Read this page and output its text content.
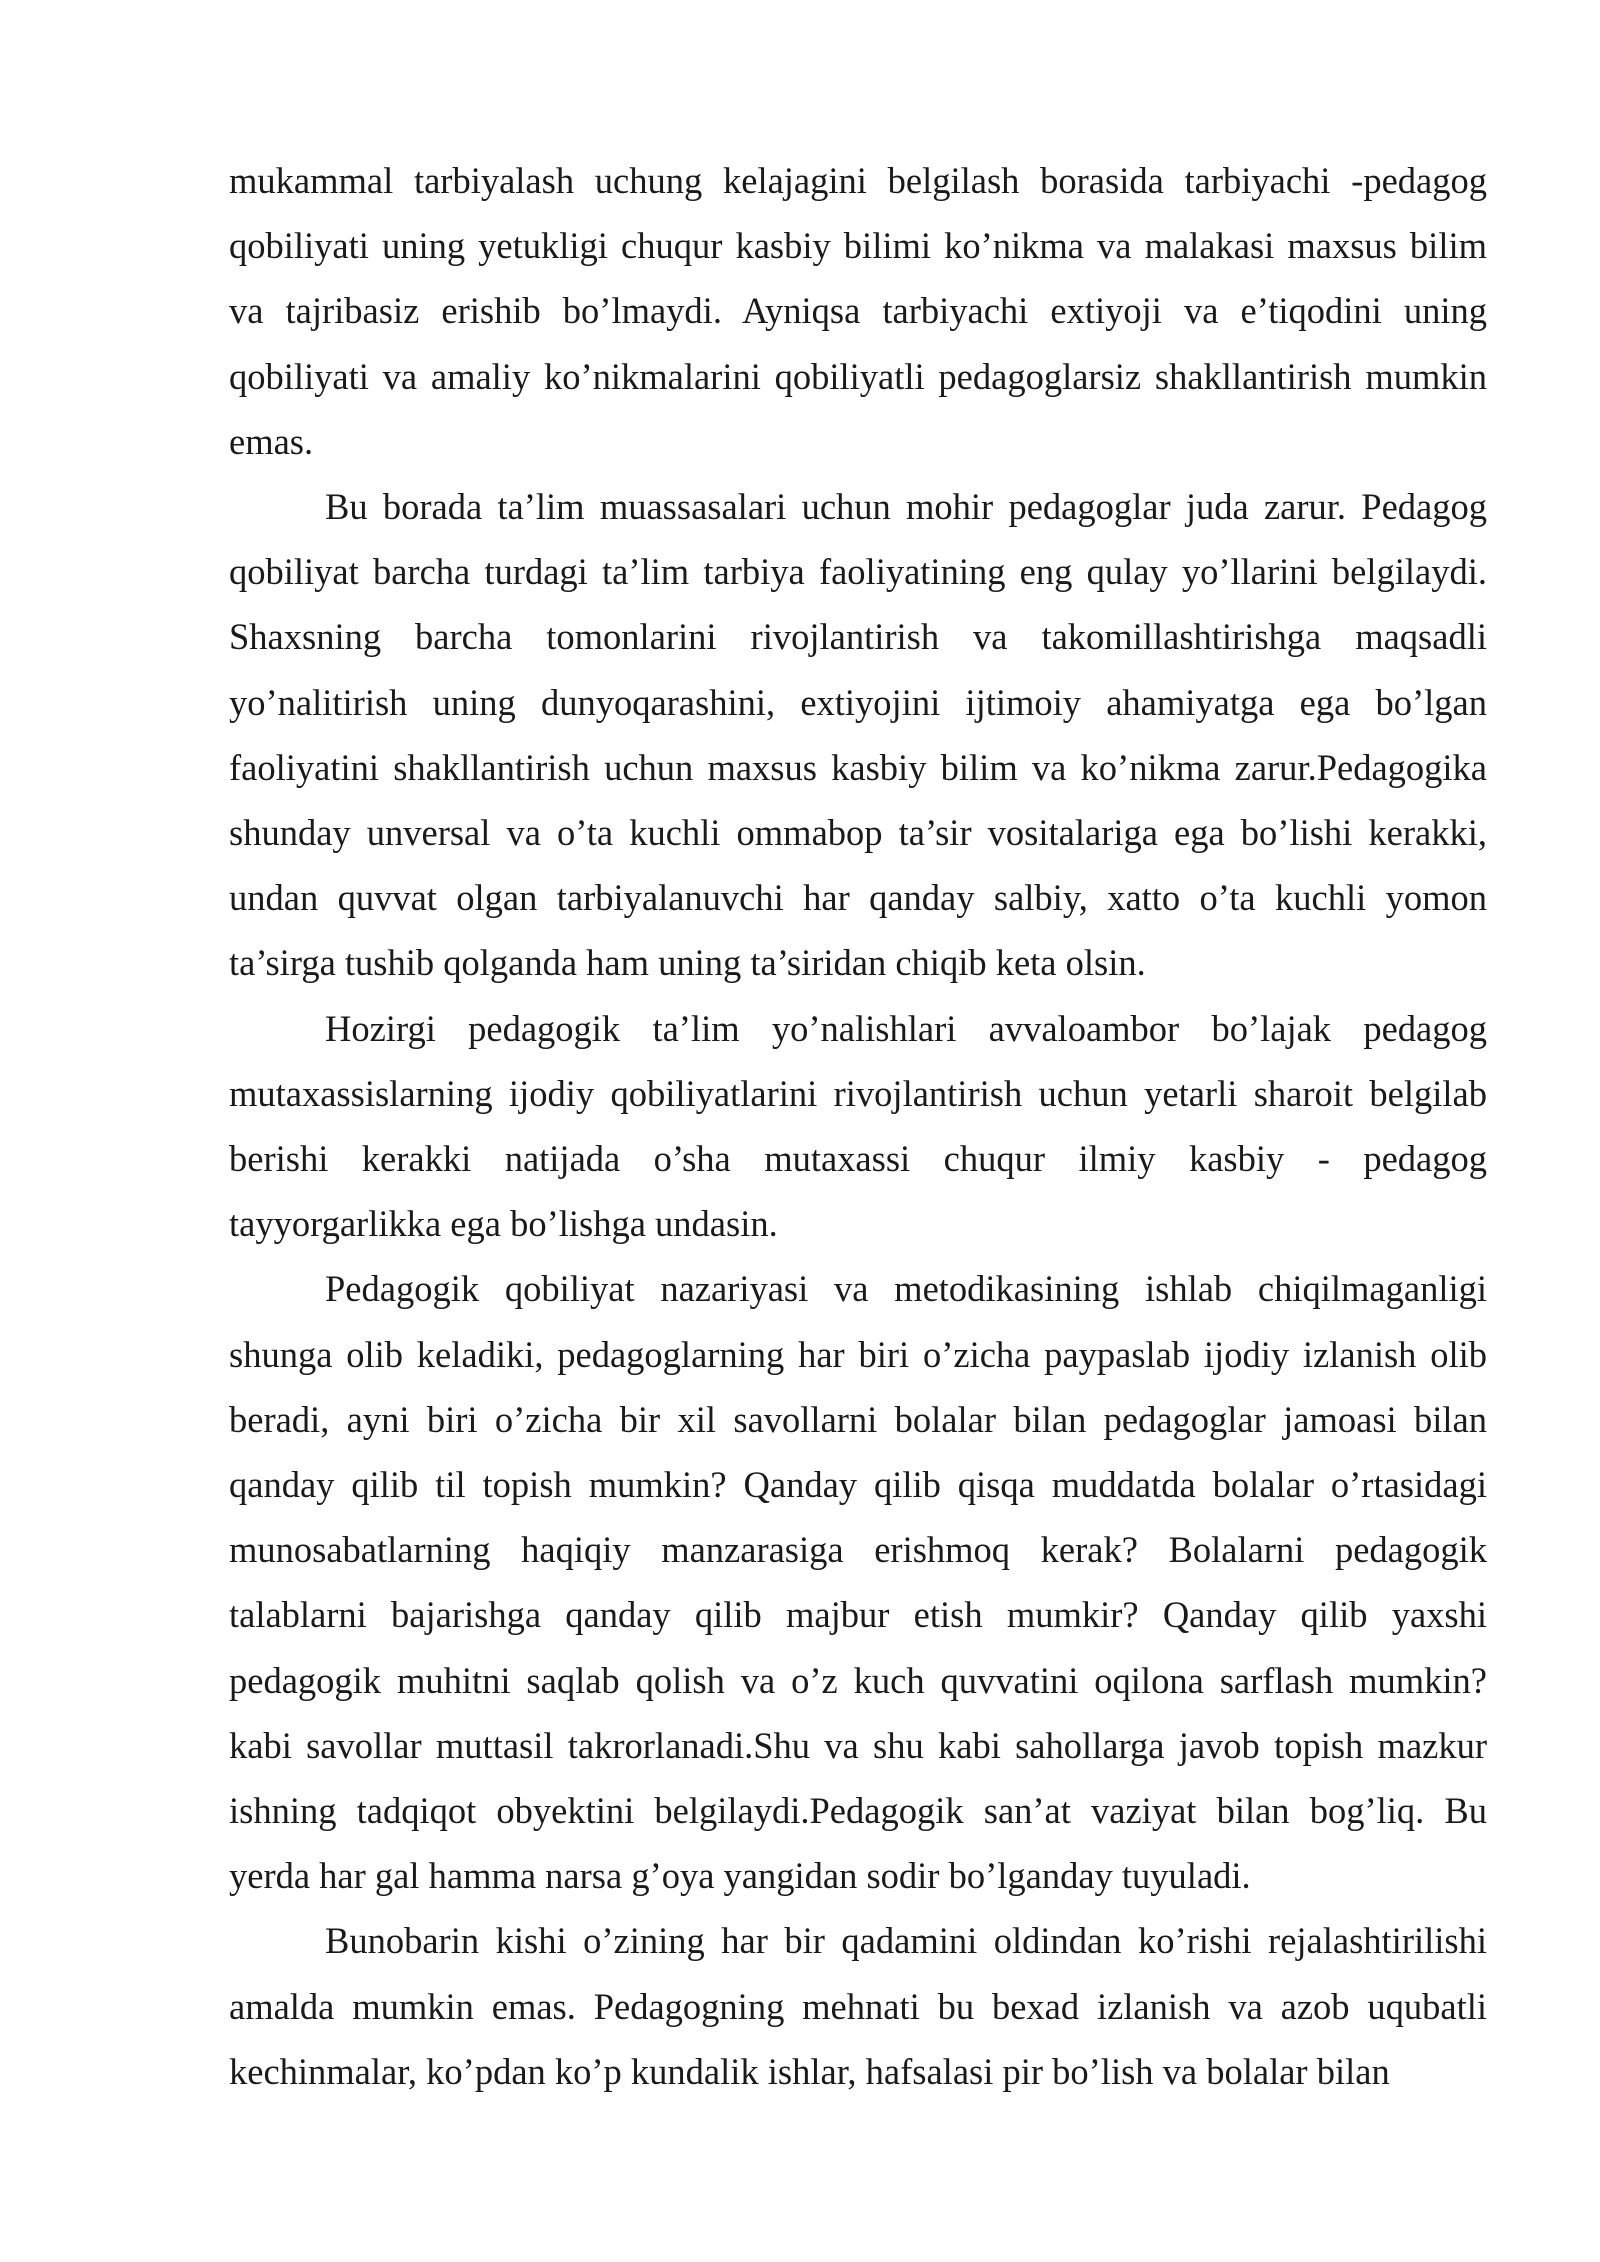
mukammal tarbiyalash uchung kelajagini belgilash borasida tarbiyachi -pedagog qobiliyati uning yetukligi chuqur kasbiy bilimi ko’nikma va malakasi maxsus bilim va tajribasiz erishib bo’lmaydi. Ayniqsa tarbiyachi extiyoji va e’tiqodini uning qobiliyati va amaliy ko’nikmalarini qobiliyatli pedagoglarsiz shakllantirish mumkin emas.

Bu borada ta’lim muassasalari uchun mohir pedagoglar juda zarur. Pedagog qobiliyat barcha turdagi ta’lim tarbiya faoliyatining eng qulay yo’llarini belgilaydi. Shaxsning barcha tomonlarini rivojlantirish va takomillashtirishga maqsadli yo’nalitirish uning dunyoqarashini, extiyojini ijtimoiy ahamiyatga ega bo’lgan faoliyatini shakllantirish uchun maxsus kasbiy bilim va ko’nikma zarur.Pedagogika shunday unversal va o’ta kuchli ommabop ta’sir vositalariga ega bo’lishi kerakki, undan quvvat olgan tarbiyalanuvchi har qanday salbiy, xatto o’ta kuchli yomon ta’sirga tushib qolganda ham uning ta’siridan chiqib keta olsin.

Hozirgi pedagogik ta’lim yo’nalishlari avvaloambor bo’lajak pedagog mutaxassislarning ijodiy qobiliyatlarini rivojlantirish uchun yetarli sharoit belgilab berishi kerakki natijada o’sha mutaxassi chuqur ilmiy kasbiy - pedagog tayyorgarlikka ega bo’lishga undasin.

Pedagogik qobiliyat nazariyasi va metodikasining ishlab chiqilmaganligi shunga olib keladiki, pedagoglarning har biri o’zicha paypaslab ijodiy izlanish olib beradi, ayni biri o’zicha bir xil savollarni bolalar bilan pedagoglar jamoasi bilan qanday qilib til topish mumkin? Qanday qilib qisqa muddatda bolalar o’rtasidagi munosabatlarning haqiqiy manzarasiga erishmoq kerak? Bolalarni pedagogik talablarni bajarishga qanday qilib majbur etish mumkir? Qanday qilib yaxshi pedagogik muhitni saqlab qolish va o’z kuch quvvatini oqilona sarflash mumkin? kabi savollar muttasil takrorlanadi.Shu va shu kabi sahollarga javob topish mazkur ishning tadqiqot obyektini belgilaydi.Pedagogik san’at vaziyat bilan bog’liq. Bu yerda har gal hamma narsa g’oya yangidan sodir bo’lganday tuyuladi.

Bunobarin kishi o’zining har bir qadamini oldindan ko’rishi rejalashtirilishi amalda mumkin emas. Pedagogning mehnati bu bexad izlanish va azob uqubatli kechinmalar, ko’pdan ko’p kundalik ishlar, hafsalasi pir bo’lish va bolalar bilan
